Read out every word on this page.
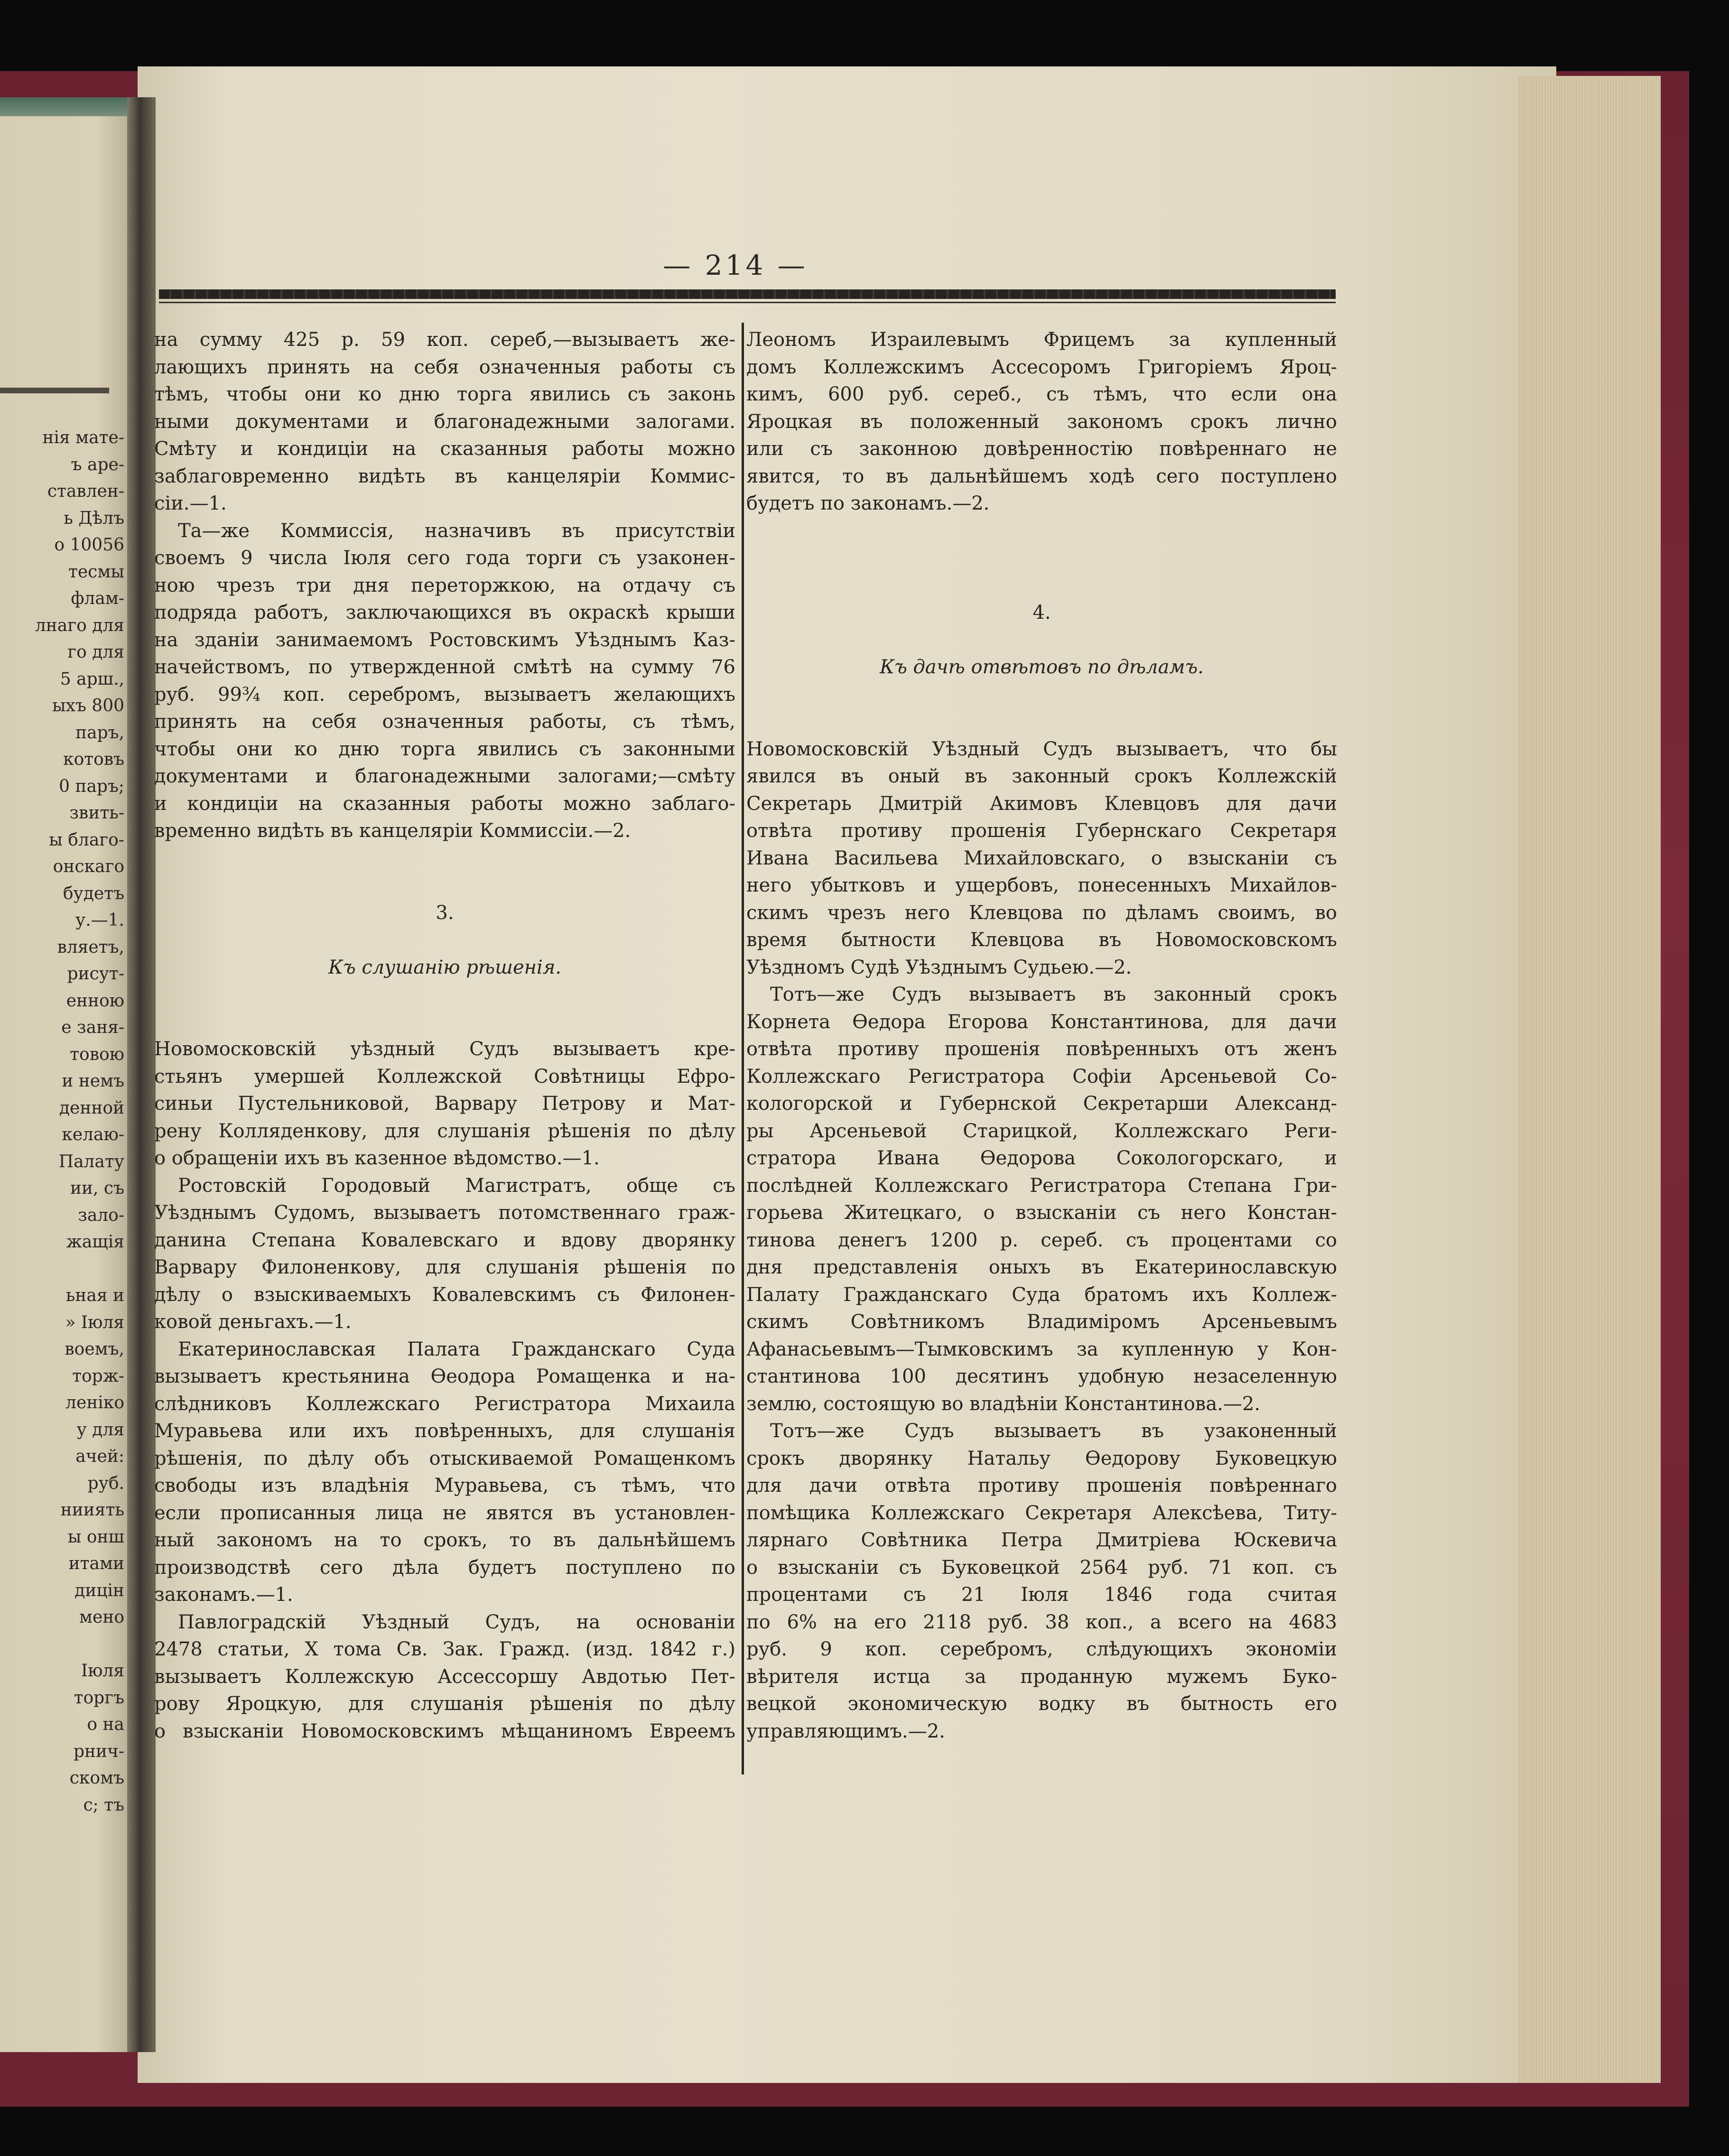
нія мате-
ъ аре-
ставлен-
ь Дѣлъ
о 10056
тесмы
флам-
лнаго для
го для
5 арш.,
ыхъ 800
паръ,
котовъ
0 паръ;
звить-
ы благо-
онскаго
будетъ
у.—1.
вляетъ,
рисут-
енною
е заня-
товою
и немъ
денной
келаю-
Палату
ии, съ
зало-
жащія
ьная и
» Іюля
воемъ,
торж-
леніко
у для
ачей:
руб.
нииять
ы онш
итами
дицін
мено
Іюля
торгъ
о на
рнич-
скомъ
с; тъ
— 214 —
на сумму 425 р. 59 коп. сереб,—вызываетъ же-
лающихъ принять на себя означенныя работы съ
тѣмъ, чтобы они ко дню торга явились съ законь
ными документами и благонадежными залогами.
Смѣту и кондиціи на сказанныя работы можно
заблаговременно видѣть въ канцеляріи Коммис-
сіи.—1.
Та—же Коммиссія, назначивъ въ присутствіи
своемъ 9 числа Іюля сего года торги съ узаконен-
ною чрезъ три дня переторжкою, на отдачу съ
подряда работъ, заключающихся въ окраскѣ крыши
на зданіи занимаемомъ Ростовскимъ Уѣзднымъ Каз-
начействомъ, по утвержденной смѣтѣ на сумму 76
руб. 99¾ коп. серебромъ, вызываетъ желающихъ
принять на себя означенныя работы, съ тѣмъ,
чтобы они ко дню торга явились съ законными
документами и благонадежными залогами;—смѣту
и кондиціи на сказанныя работы можно заблаго-
временно видѣть въ канцеляріи Коммиссіи.—2.
3.
Къ слушанію рѣшенія.
Новомосковскій уѣздный Судъ вызываетъ кре-
стьянъ умершей Коллежской Совѣтницы Ефро-
синьи Пустельниковой, Варвару Петрову и Мат-
рену Колляденкову, для слушанія рѣшенія по дѣлу
о обращеніи ихъ въ казенное вѣдомство.—1.
Ростовскій Городовый Магистратъ, обще съ
Уѣзднымъ Судомъ, вызываетъ потомственнаго граж-
данина Степана Ковалевскаго и вдову дворянку
Варвару Филоненкову, для слушанія рѣшенія по
дѣлу о взыскиваемыхъ Ковалевскимъ съ Филонен-
ковой деньгахъ.—1.
Екатеринославская Палата Гражданскаго Суда
вызываетъ крестьянина Ѳеодора Ромащенка и на-
слѣдниковъ Коллежскаго Регистратора Михаила
Муравьева или ихъ повѣренныхъ, для слушанія
рѣшенія, по дѣлу объ отыскиваемой Ромащенкомъ
свободы изъ владѣнія Муравьева, съ тѣмъ, что
если прописанныя лица не явятся въ установлен-
ный закономъ на то срокъ, то въ дальнѣйшемъ
производствѣ сего дѣла будетъ поступлено по
законамъ.—1.
Павлоградскій Уѣздный Судъ, на основаніи
2478 статьи, X тома Св. Зак. Гражд. (изд. 1842 г.)
вызываетъ Коллежскую Ассессоршу Авдотью Пет-
рову Яроцкую, для слушанія рѣшенія по дѣлу
о взысканіи Новомосковскимъ мѣщаниномъ Евреемъ
Леономъ Израилевымъ Фрицемъ за купленный
домъ Коллежскимъ Ассесоромъ Григоріемъ Яроц-
кимъ, 600 руб. сереб., съ тѣмъ, что если она
Яроцкая въ положенный закономъ срокъ лично
или съ законною довѣренностію повѣреннаго не
явится, то въ дальнѣйшемъ ходѣ сего поступлено
будетъ по законамъ.—2.
4.
Къ дачѣ отвѣтовъ по дѣламъ.
Новомосковскій Уѣздный Судъ вызываетъ, что бы
явился въ оный въ законный срокъ Коллежскій
Секретарь Дмитрій Акимовъ Клевцовъ для дачи
отвѣта противу прошенія Губернскаго Секретаря
Ивана Васильева Михайловскаго, о взысканіи съ
него убытковъ и ущербовъ, понесенныхъ Михайлов-
скимъ чрезъ него Клевцова по дѣламъ своимъ, во
время бытности Клевцова въ Новомосковскомъ
Уѣздномъ Судѣ Уѣзднымъ Судьею.—2.
Тотъ—же Судъ вызываетъ въ законный срокъ
Корнета Ѳедора Егорова Константинова, для дачи
отвѣта противу прошенія повѣренныхъ отъ женъ
Коллежскаго Регистратора Софіи Арсеньевой Со-
кологорской и Губернской Секретарши Александ-
ры Арсеньевой Старицкой, Коллежскаго Реги-
стратора Ивана Ѳедорова Сокологорскаго, и
послѣдней Коллежскаго Регистратора Степана Гри-
горьева Житецкаго, о взысканіи съ него Констан-
тинова денегъ 1200 р. сереб. съ процентами со
дня представленія оныхъ въ Екатеринославскую
Палату Гражданскаго Суда братомъ ихъ Коллеж-
скимъ Совѣтникомъ Владиміромъ Арсеньевымъ
Афанасьевымъ—Тымковскимъ за купленную у Кон-
стантинова 100 десятинъ удобную незаселенную
землю, состоящую во владѣніи Константинова.—2.
Тотъ—же Судъ вызываетъ въ узаконенный
срокъ дворянку Натальу Ѳедорову Буковецкую
для дачи отвѣта противу прошенія повѣреннаго
помѣщика Коллежскаго Секретаря Алексѣева, Титу-
лярнаго Совѣтника Петра Дмитріева Юскевича
о взысканіи съ Буковецкой 2564 руб. 71 коп. съ
процентами съ 21 Іюля 1846 года считая
по 6% на его 2118 руб. 38 коп., а всего на 4683
руб. 9 коп. серебромъ, слѣдующихъ экономіи
вѣрителя истца за проданную мужемъ Буко-
вецкой экономическую водку въ бытность его
управляющимъ.—2.
